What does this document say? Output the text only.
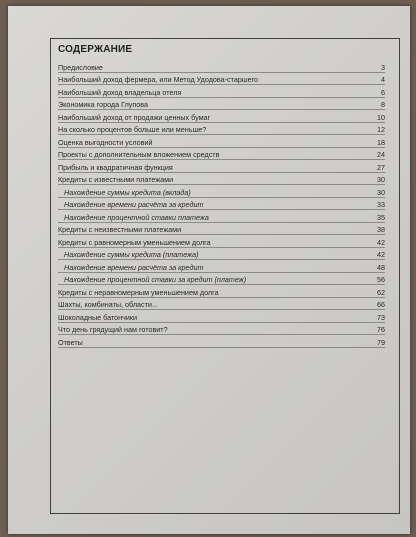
СОДЕРЖАНИЕ
Предисловие	3
Наибольший доход фермера, или Метод Удодова-старшего	4
Наибольший доход владельца отеля	6
Экономика города Глупова	8
Наибольший доход от продажи ценных бумаг	10
На сколько процентов больше или меньше?	12
Оценка выгодности условий	18
Проекты с дополнительным вложением средств	24
Прибыль и квадратичная функция	27
Кредиты с известными платежами	30
Нахождение суммы кредита (вклада)	30
Нахождение времени расчёта за кредит	33
Нахождение процентной ставки платежа	35
Кредиты с неизвестными платежами	38
Кредиты с равномерным уменьшением долга	42
Нахождение суммы кредита (платежа)	42
Нахождение времени расчёта за кредит	48
Нахождение процентной ставки за кредит (платеж)	56
Кредиты с неравномерным уменьшением долга	62
Шахты, комбинаты, области...	66
Шоколадные батончики	73
Что день грядущий нам готовит?	76
Ответы	79
